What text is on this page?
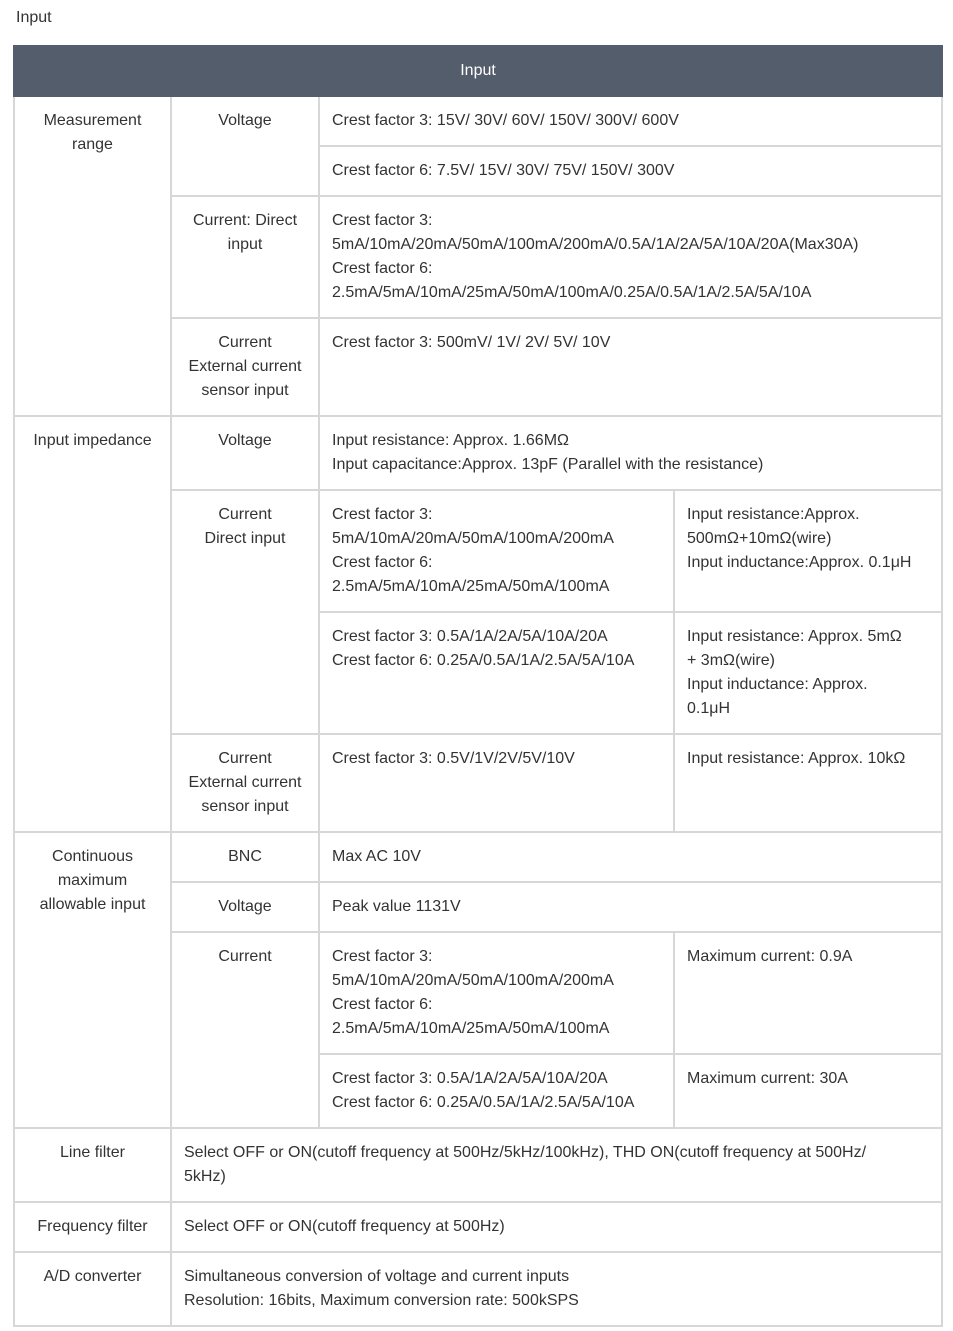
Input
Input			
Measurement range	Voltage	Crest factor 3: 15V/ 30V/ 60V/ 150V/ 300V/ 600V	
		Crest factor 6: 7.5V/ 15V/ 30V/ 75V/ 150V/ 300V	
	Current: Direct input	Crest factor 3:
5mA/10mA/20mA/50mA/100mA/200mA/0.5A/1A/2A/5A/10A/20A(Max30A)
Crest factor 6:
2.5mA/5mA/10mA/25mA/50mA/100mA/0.25A/0.5A/1A/2.5A/5A/10A	

	Current
External current
sensor input	Crest factor 3: 500mV/ 1V/ 2V/ 5V/ 10V	
Input impedance	Voltage	Input resistance: Approx. 1.66MΩ
Input capacitance:Approx. 13pF (Parallel with the resistance)	

	Current
Direct input	Crest factor 3:
5mA/10mA/20mA/50mA/100mA/200mA
Crest factor 6:
2.5mA/5mA/10mA/25mA/50mA/100mA	Input resistance:Approx.
500mΩ+10mΩ(wire)
Input inductance:Approx. 0.1μH

		Crest factor 3: 0.5A/1A/2A/5A/10A/20A
Crest factor 6: 0.25A/0.5A/1A/2.5A/5A/10A	Input resistance: Approx. 5mΩ
+ 3mΩ(wire)
Input inductance: Approx.
0.1μH

	Current
External current
sensor input	Crest factor 3: 0.5V/1V/2V/5V/10V	Input resistance: Approx. 10kΩ

Continuous
maximum
allowable input	BNC	Max AC 10V	
	Voltage	Peak value 1131V	
	Current	Crest factor 3:
5mA/10mA/20mA/50mA/100mA/200mA
Crest factor 6:
2.5mA/5mA/10mA/25mA/50mA/100mA	Maximum current: 0.9A

		Crest factor 3: 0.5A/1A/2A/5A/10A/20A
Crest factor 6: 0.25A/0.5A/1A/2.5A/5A/10A	Maximum current: 30A
Line filter	Select OFF or ON(cutoff frequency at 500Hz/5kHz/100kHz), THD ON(cutoff frequency at 500Hz/
5kHz)		

Frequency filter	Select OFF or ON(cutoff frequency at 500Hz)		
A/D converter	Simultaneous conversion of voltage and current inputs
Resolution: 16bits, Maximum conversion rate: 500kSPS		
